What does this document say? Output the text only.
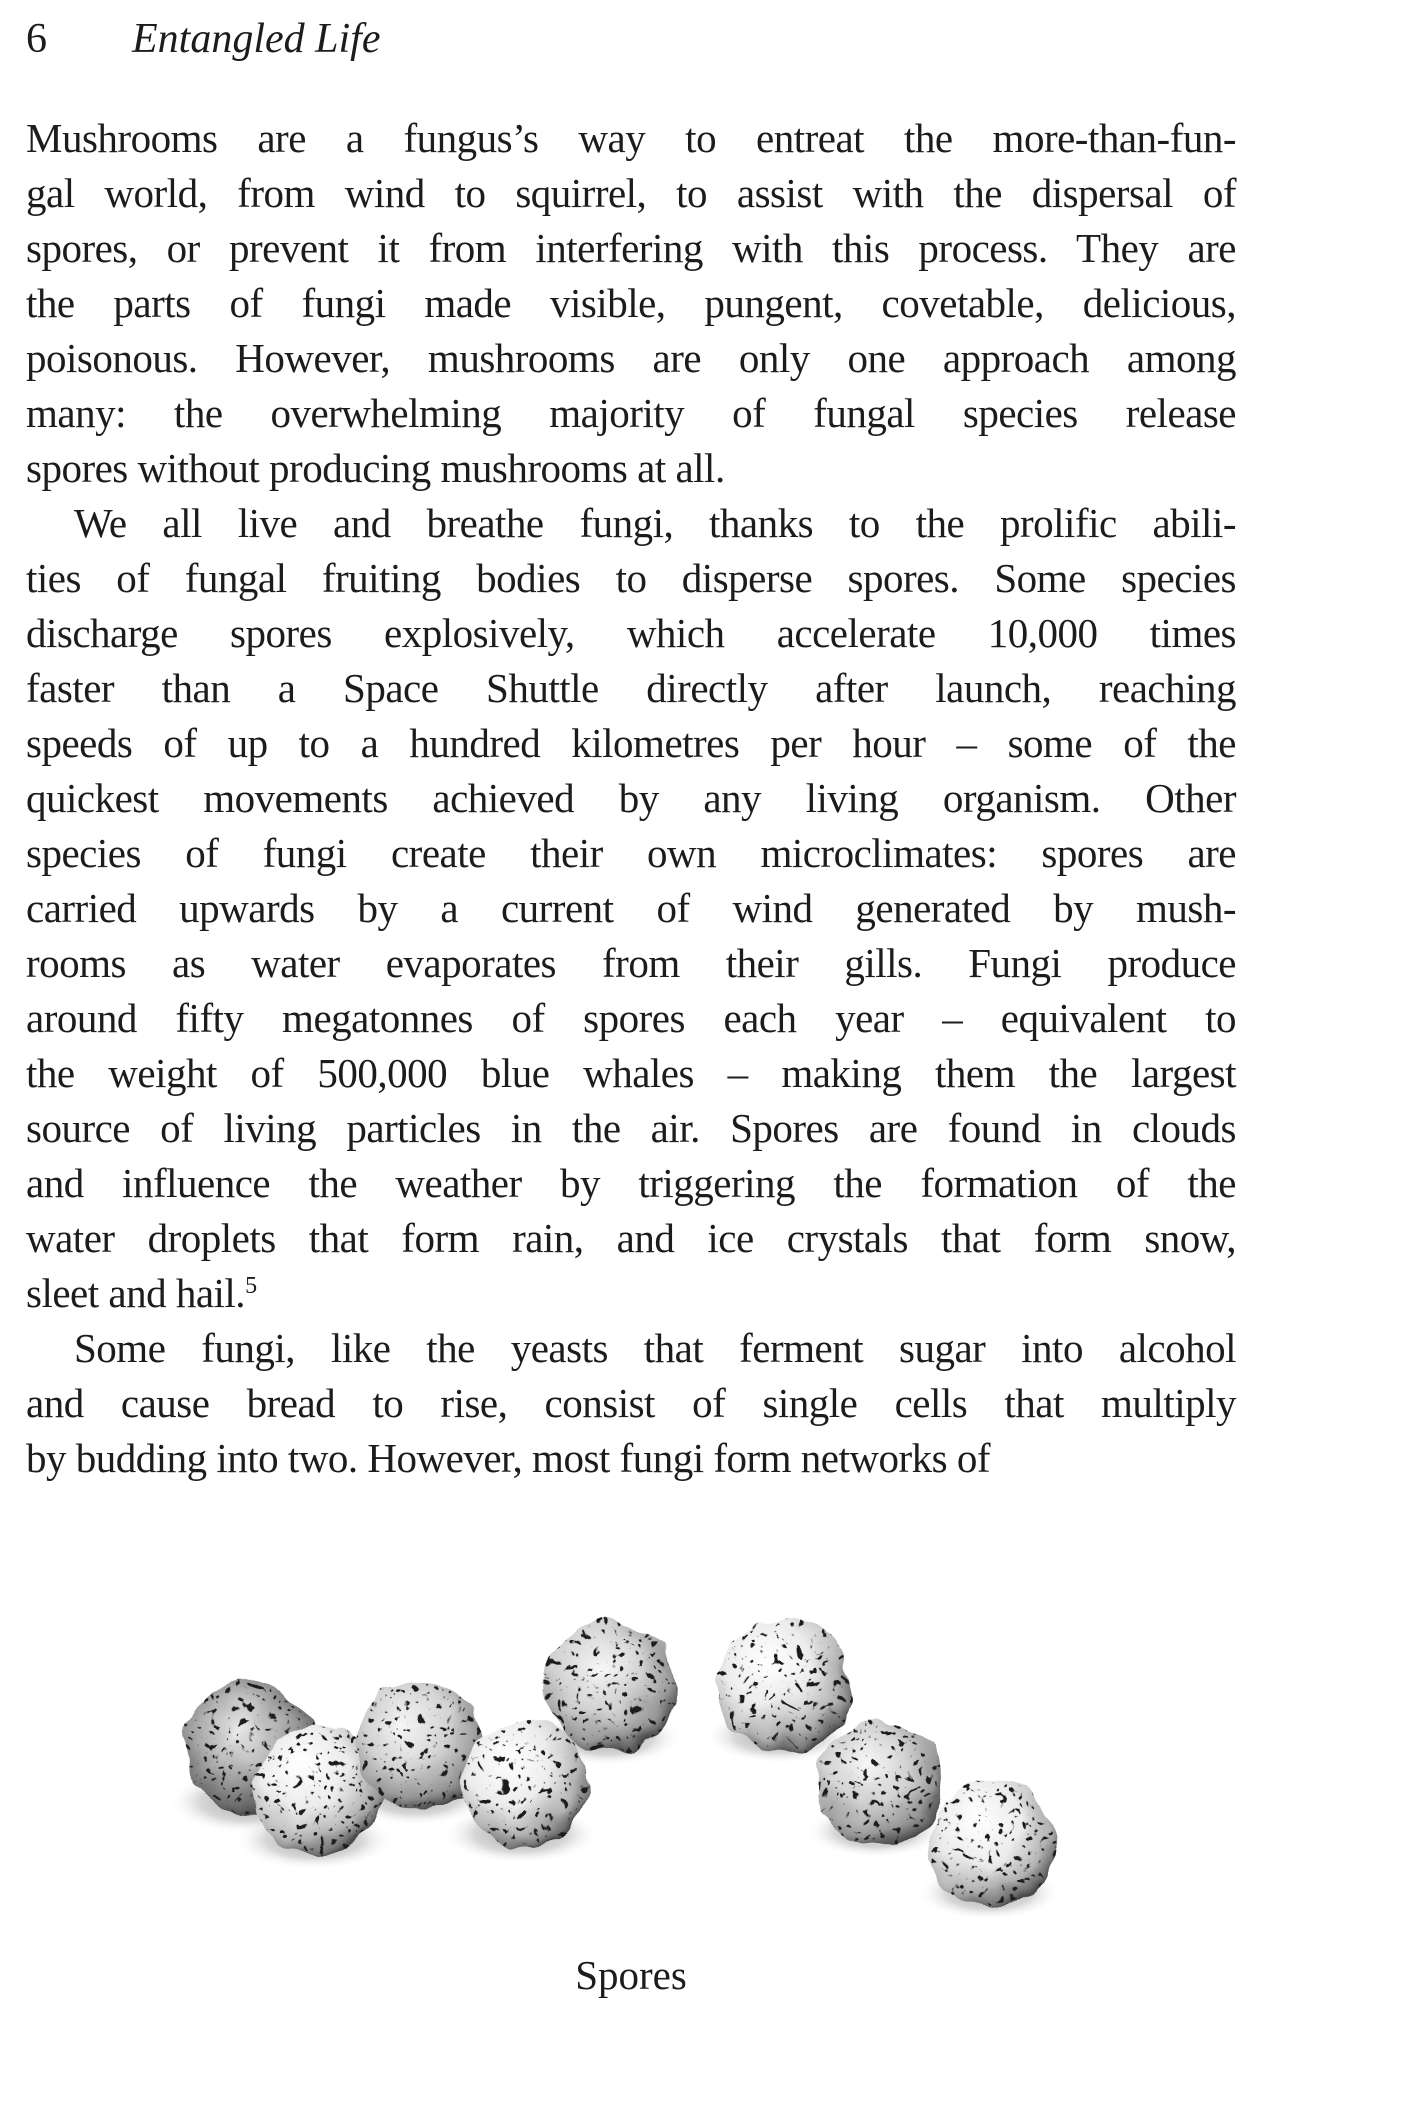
6 Entangled Life
Mushrooms are a fungus’s way to entreat the more-than-fun-
gal world, from wind to squirrel, to assist with the dispersal of
spores, or prevent it from interfering with this process. They are
the parts of fungi made visible, pungent, covetable, delicious,
poisonous. However, mushrooms are only one approach among
many: the overwhelming majority of fungal species release
spores without producing mushrooms at all.
We all live and breathe fungi, thanks to the prolific abili-
ties of fungal fruiting bodies to disperse spores. Some species
discharge spores explosively, which accelerate 10,000 times
faster than a Space Shuttle directly after launch, reaching
speeds of up to a hundred kilometres per hour – some of the
quickest movements achieved by any living organism. Other
species of fungi create their own microclimates: spores are
carried upwards by a current of wind generated by mush-
rooms as water evaporates from their gills. Fungi produce
around fifty megatonnes of spores each year – equivalent to
the weight of 500,000 blue whales – making them the largest
source of living particles in the air. Spores are found in clouds
and influence the weather by triggering the formation of the
water droplets that form rain, and ice crystals that form snow,
sleet and hail.$^5$
Some fungi, like the yeasts that ferment sugar into alcohol
and cause bread to rise, consist of single cells that multiply
by budding into two. However, most fungi form networks of
Spores
